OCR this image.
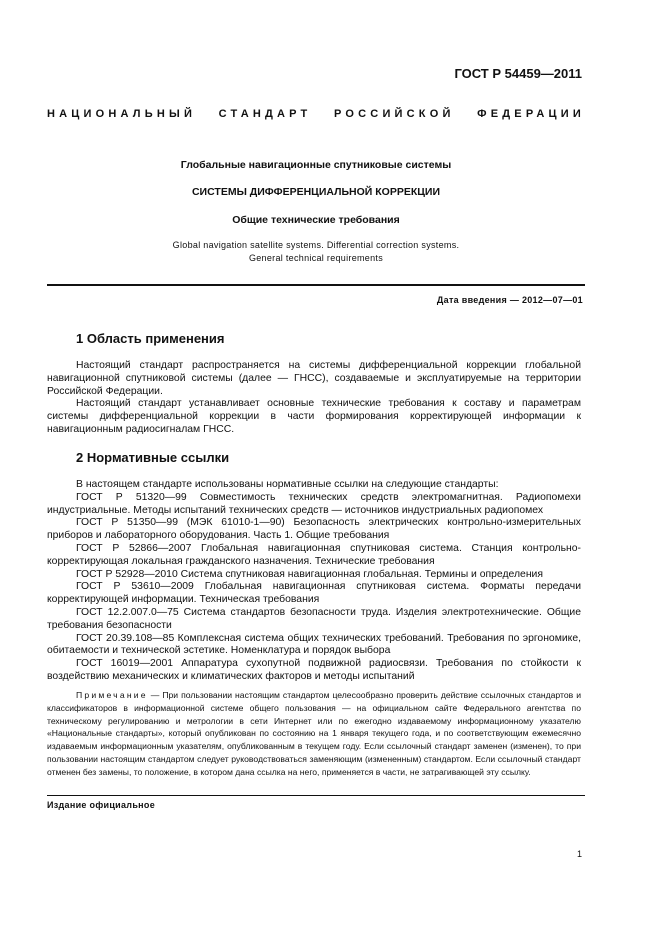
ГОСТ Р 54459—2011
НАЦИОНАЛЬНЫЙ СТАНДАРТ РОССИЙСКОЙ ФЕДЕРАЦИИ
Глобальные навигационные спутниковые системы
СИСТЕМЫ ДИФФЕРЕНЦИАЛЬНОЙ КОРРЕКЦИИ
Общие технические требования
Global navigation satellite systems. Differential correction systems.
General technical requirements
Дата введения — 2012—07—01
1 Область применения

Настоящий стандарт распространяется на системы дифференциальной коррекции глобальной навигационной спутниковой системы (далее — ГНСС), создаваемые и эксплуатируемые на территории Российской Федерации.

Настоящий стандарт устанавливает основные технические требования к составу и параметрам системы дифференциальной коррекции в части формирования корректирующей информации к навигационным радиосигналам ГНСС.

2 Нормативные ссылки

В настоящем стандарте использованы нормативные ссылки на следующие стандарты:

ГОСТ Р 51320—99 Совместимость технических средств электромагнитная. Радиопомехи индустриальные. Методы испытаний технических средств — источников индустриальных радиопомех

ГОСТ Р 51350—99 (МЭК 61010-1—90) Безопасность электрических контрольно-измерительных приборов и лабораторного оборудования. Часть 1. Общие требования

ГОСТ Р 52866—2007 Глобальная навигационная спутниковая система. Станция контрольно-корректирующая локальная гражданского назначения. Технические требования

ГОСТ Р 52928—2010 Система спутниковая навигационная глобальная. Термины и определения

ГОСТ Р 53610—2009 Глобальная навигационная спутниковая система. Форматы передачи корректирующей информации. Техническая требования

ГОСТ 12.2.007.0—75 Система стандартов безопасности труда. Изделия электротехнические. Общие требования безопасности

ГОСТ 20.39.108—85 Комплексная система общих технических требований. Требования по эргономике, обитаемости и технической эстетике. Номенклатура и порядок выбора

ГОСТ 16019—2001 Аппаратура сухопутной подвижной радиосвязи. Требования по стойкости к воздействию механических и климатических факторов и методы испытаний

Примечание — При пользовании настоящим стандартом целесообразно проверить действие ссылочных стандартов и классификаторов в информационной системе общего пользования — на официальном сайте Федерального агентства по техническому регулированию и метрологии в сети Интернет или по ежегодно издаваемому информационному указателю «Национальные стандарты», который опубликован по состоянию на 1 января текущего года, и по соответствующим ежемесячно издаваемым информационным указателям, опубликованным в текущем году. Если ссылочный стандарт заменен (изменен), то при пользовании настоящим стандартом следует руководствоваться заменяющим (измененным) стандартом. Если ссылочный стандарт отменен без замены, то положение, в котором дана ссылка на него, применяется в части, не затрагивающей эту ссылку.

Издание официальное
1
